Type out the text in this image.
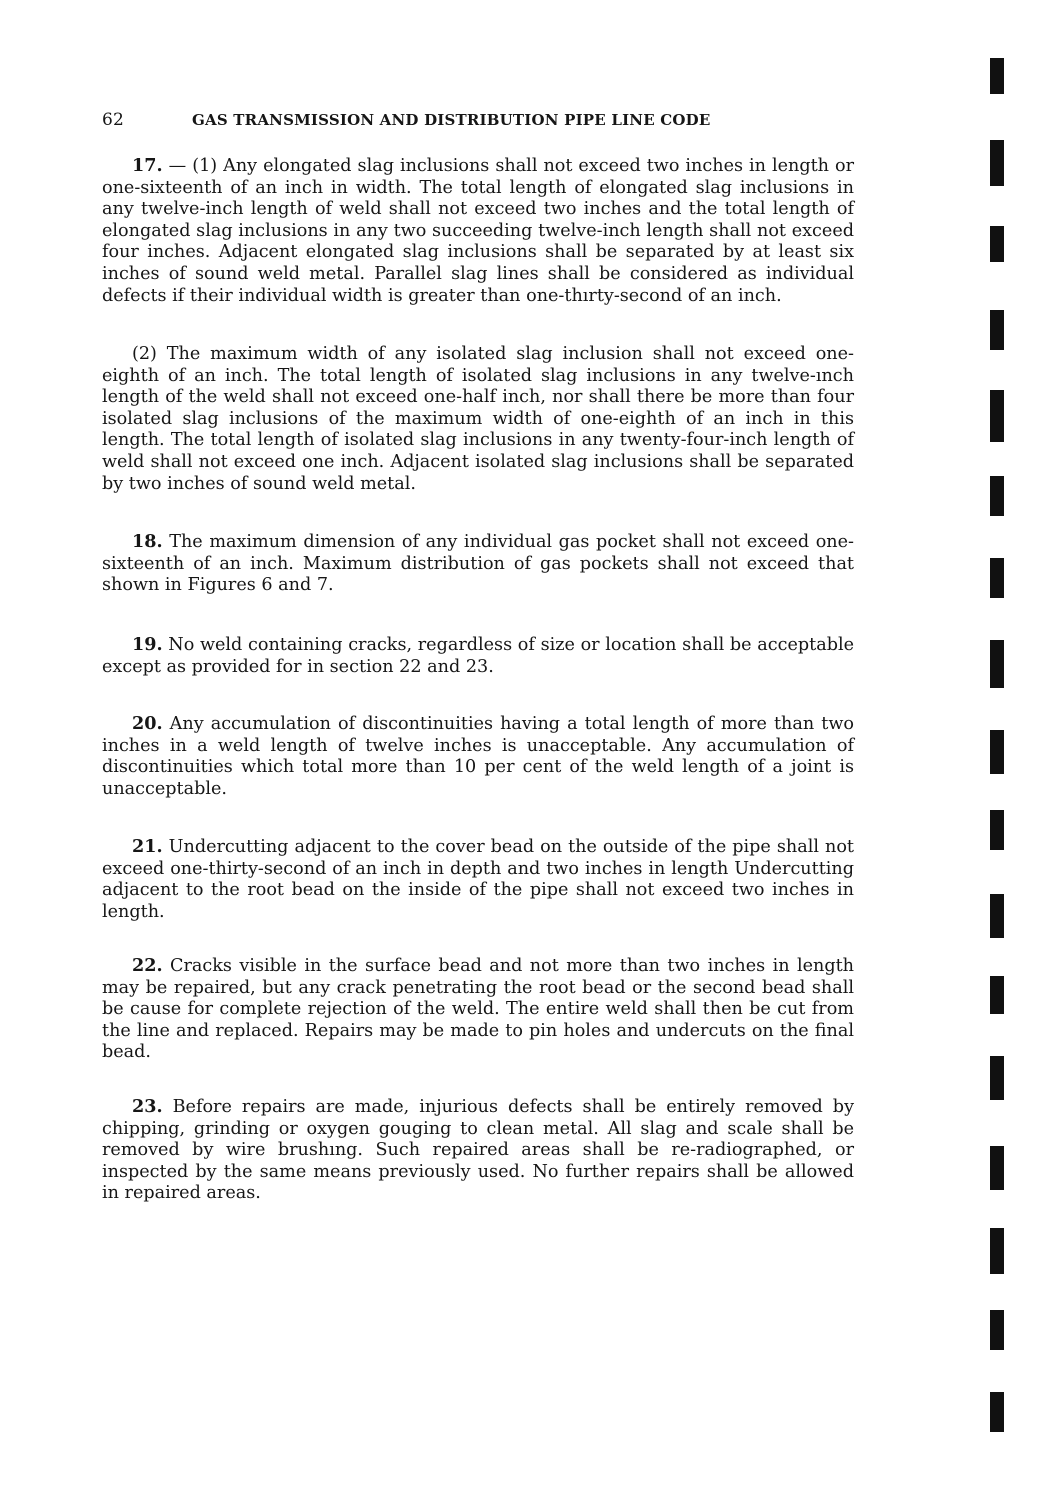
62	GAS TRANSMISSION AND DISTRIBUTION PIPE LINE CODE

17. — (1) Any elongated slag inclusions shall not exceed two inches in length or one-sixteenth of an inch in width. The total length of elongated slag inclusions in any twelve-inch length of weld shall not exceed two inches and the total length of elongated slag inclusions in any two succeeding twelve-inch length shall not exceed four inches. Adjacent elongated slag inclusions shall be separated by at least six inches of sound weld metal. Parallel slag lines shall be considered as individual defects if their individual width is greater than one-thırty-second of an inch.

(2) The maximum width of any isolated slag inclusion shall not exceed one-eighth of an inch. The total length of isolated slag inclusions in any twelve-ınch length of the weld shall not exceed one-half inch, nor shall there be more than four isolated slag inclusions of the maximum width of one-eighth of an inch in this length. The total length of isolated slag inclusions in any twenty-four-inch length of weld shall not exceed one inch. Adjacent isolated slag inclusions shall be separated by two inches of sound weld metal.

18. The maximum dimension of any individual gas pocket shall not exceed one-sixteenth of an inch. Maximum distribution of gas pockets shall not exceed that shown in Figures 6 and 7.

19. No weld containing cracks, regardless of size or location shall be acceptable except as provided for in section 22 and 23.

20. Any accumulation of discontinuities having a total length of more than two inches in a weld length of twelve inches is unacceptable. Any accumulation of discontinuities which total more than 10 per cent of the weld length of a joint is unacceptable.

21. Undercutting adjacent to the cover bead on the outside of the pipe shall not exceed one-thirty-second of an inch in depth and two inches in length Undercutting adjacent to the root bead on the inside of the pipe shall not exceed two inches in length.

22. Cracks visible in the surface bead and not more than two inches in length may be repaired, but any crack penetrating the root bead or the second bead shall be cause for complete rejection of the weld. The entire weld shall then be cut from the line and replaced. Repairs may be made to pin holes and undercuts on the final bead.

23. Before repairs are made, injurious defects shall be entirely removed by chipping, grinding or oxygen gouging to clean metal. All slag and scale shall be removed by wire brushıng. Such repaired areas shall be re-radiographed, or inspected by the same means previously used. No further repairs shall be allowed in repaired areas.
